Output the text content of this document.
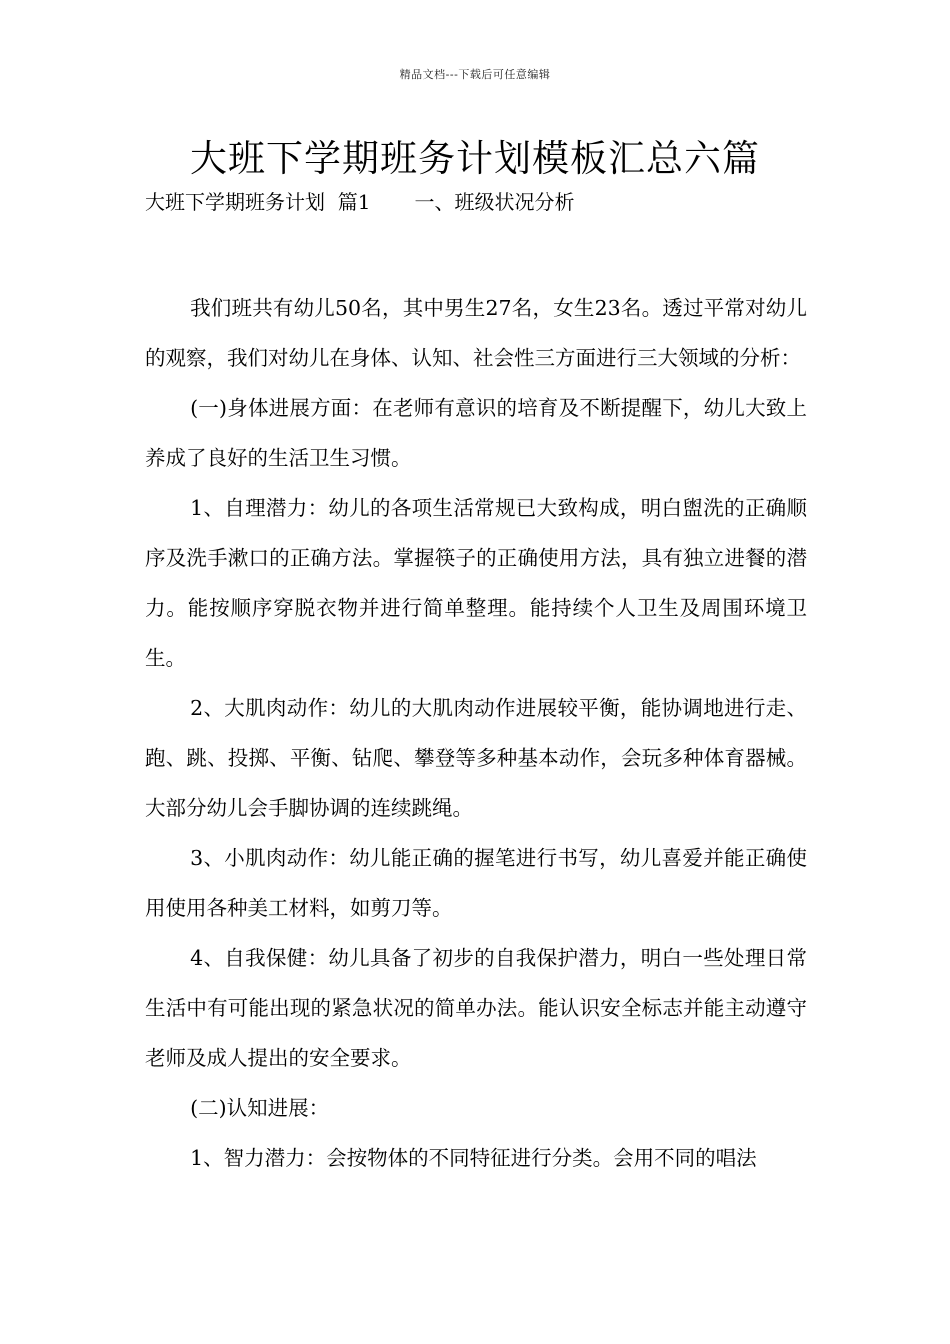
精品文档---下载后可任意编辑
大班下学期班务计划模板汇总六篇
大班下学期班务计划  篇1 一、班级状况分析

我们班共有幼儿50名，其中男生27名，女生23名。透过平常对幼儿的观察，我们对幼儿在身体、认知、社会性三方面进行三大领域的分析：

(一)身体进展方面：在老师有意识的培育及不断提醒下，幼儿大致上养成了良好的生活卫生习惯。

1、自理潜力：幼儿的各项生活常规已大致构成，明白盥洗的正确顺序及洗手漱口的正确方法。掌握筷子的正确使用方法，具有独立进餐的潜力。能按顺序穿脱衣物并进行简单整理。能持续个人卫生及周围环境卫生。

2、大肌肉动作：幼儿的大肌肉动作进展较平衡，能协调地进行走、跑、跳、投掷、平衡、钻爬、攀登等多种基本动作，会玩多种体育器械。大部分幼儿会手脚协调的连续跳绳。

3、小肌肉动作：幼儿能正确的握笔进行书写，幼儿喜爱并能正确使用使用各种美工材料，如剪刀等。

4、自我保健：幼儿具备了初步的自我保护潜力，明白一些处理日常生活中有可能出现的紧急状况的简单办法。能认识安全标志并能主动遵守老师及成人提出的安全要求。

(二)认知进展：

1、智力潜力：会按物体的不同特征进行分类。会用不同的唱法
